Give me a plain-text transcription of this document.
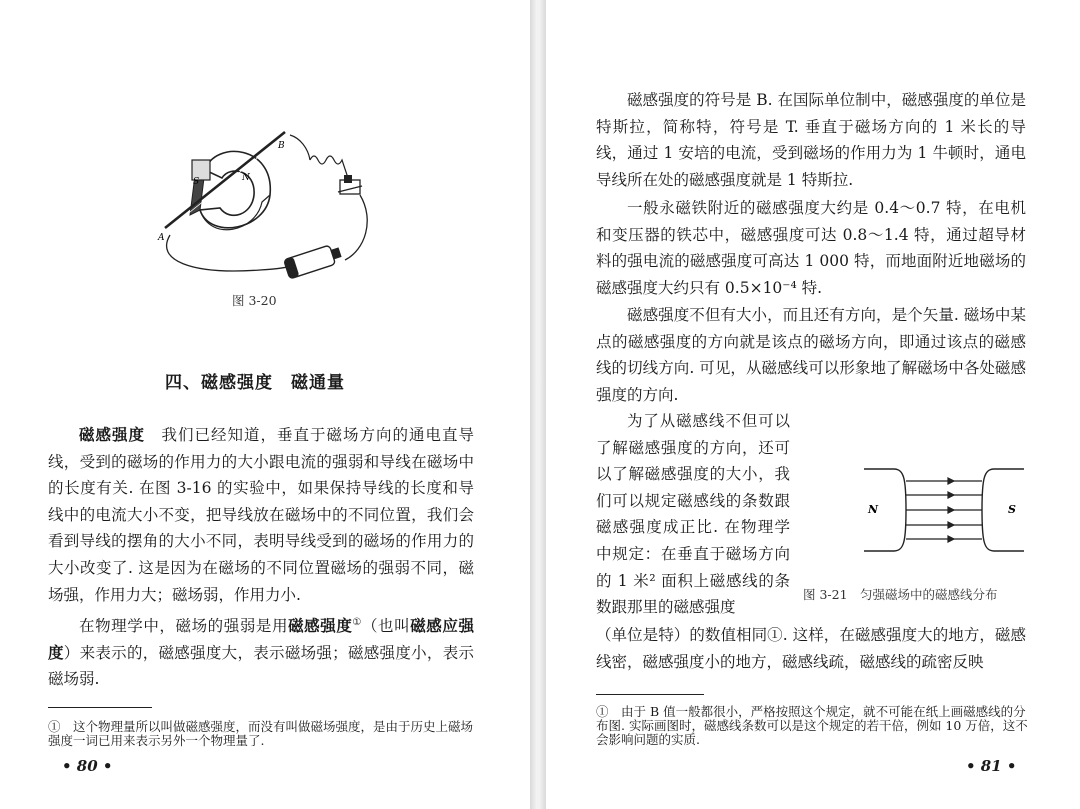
A
B
S	N
图 3-20
四、磁感强度　磁通量

磁感强度　我们已经知道，垂直于磁场方向的通电直导线，受到的磁场的作用力的大小跟电流的强弱和导线在磁场中的长度有关. 在图 3-16 的实验中，如果保持导线的长度和导线中的电流大小不变，把导线放在磁场中的不同位置，我们会看到导线的摆角的大小不同，表明导线受到的磁场的作用力的大小改变了. 这是因为在磁场的不同位置磁场的强弱不同，磁场强，作用力大；磁场弱，作用力小.

在物理学中，磁场的强弱是用磁感强度①（也叫磁感应强度）来表示的，磁感强度大，表示磁场强；磁感强度小，表示磁场弱.

①　这个物理量所以叫做磁感强度，而没有叫做磁场强度，是由于历史上磁场强度一词已用来表示另外一个物理量了.
• 80 •

磁感强度的符号是 B. 在国际单位制中，磁感强度的单位是特斯拉，简称特，符号是 T. 垂直于磁场方向的 1 米长的导线，通过 1 安培的电流，受到磁场的作用力为 1 牛顿时，通电导线所在处的磁感强度就是 1 特斯拉.

一般永磁铁附近的磁感强度大约是 0.4～0.7 特，在电机和变压器的铁芯中，磁感强度可达 0.8～1.4 特，通过超导材料的强电流的磁感强度可高达 1 000 特，而地面附近地磁场的磁感强度大约只有 0.5×10⁻⁴ 特.

磁感强度不但有大小，而且还有方向，是个矢量. 磁场中某点的磁感强度的方向就是该点的磁场方向，即通过该点的磁感线的切线方向. 可见，从磁感线可以形象地了解磁场中各处磁感强度的方向.

为了从磁感线不但可以了解磁感强度的方向，还可以了解磁感强度的大小，我们可以规定磁感线的条数跟磁感强度成正比. 在物理学中规定：在垂直于磁场方向的 1 米² 面积上磁感线的条数跟那里的磁感强度

（单位是特）的数值相同①. 这样，在磁感强度大的地方，磁感线密，磁感强度小的地方，磁感线疏，磁感线的疏密反映

N	S
图 3-21　匀强磁场中的磁感线分布
①　由于 B 值一般都很小，严格按照这个规定，就不可能在纸上画磁感线的分布图. 实际画图时，磁感线条数可以是这个规定的若干倍，例如 10 万倍，这不会影响问题的实质.
• 81 •
